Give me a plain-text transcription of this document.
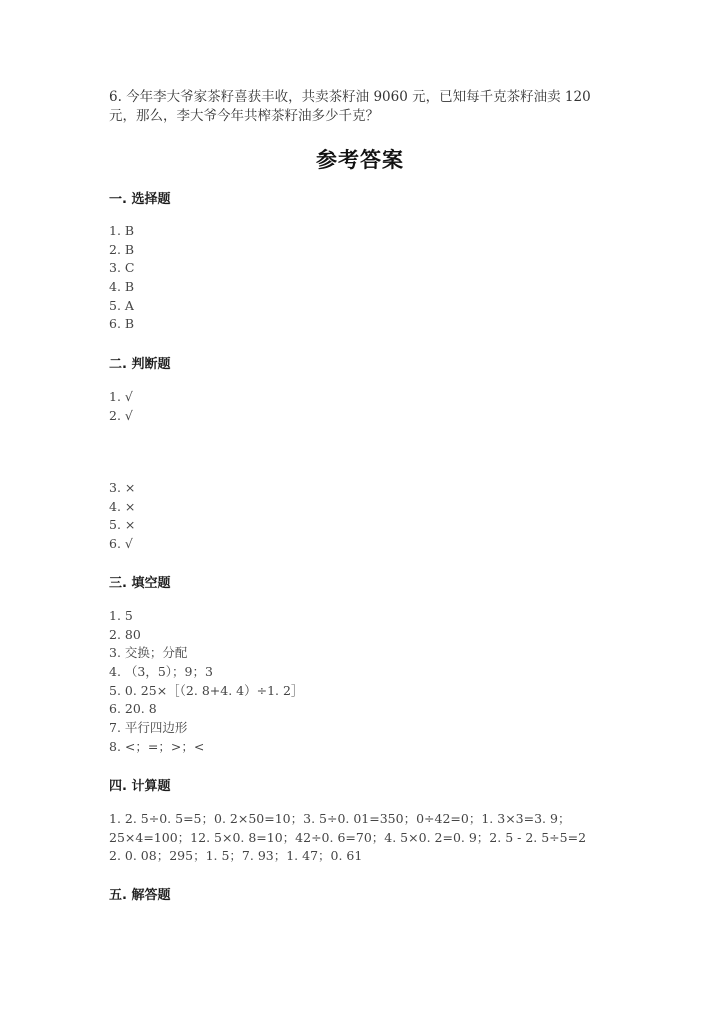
6. 今年李大爷家茶籽喜获丰收，共卖茶籽油 9060 元，已知每千克茶籽油卖 120
元，那么，李大爷今年共榨茶籽油多少千克？
参考答案
一. 选择题
1. B
2. B
3. C
4. B
5. A
6. B
二. 判断题
1. √
2. √
3. ×
4. ×
5. ×
6. √
三. 填空题
1. 5
2. 80
3. 交换；分配
4. （3，5）；9；3
5. 0. 25×［（2. 8+4. 4）÷1. 2］
6. 20. 8
7. 平行四边形
8. <；=；>；<
四. 计算题
1. 2. 5÷0. 5=5；0. 2×50=10；3. 5÷0. 01=350；0÷42=0；1. 3×3=3. 9；
25×4=100；12. 5×0. 8=10；42÷0. 6=70；4. 5×0. 2=0. 9；2. 5 - 2. 5÷5=2
2. 0. 08；295；1. 5；7. 93；1. 47；0. 61
五. 解答题
